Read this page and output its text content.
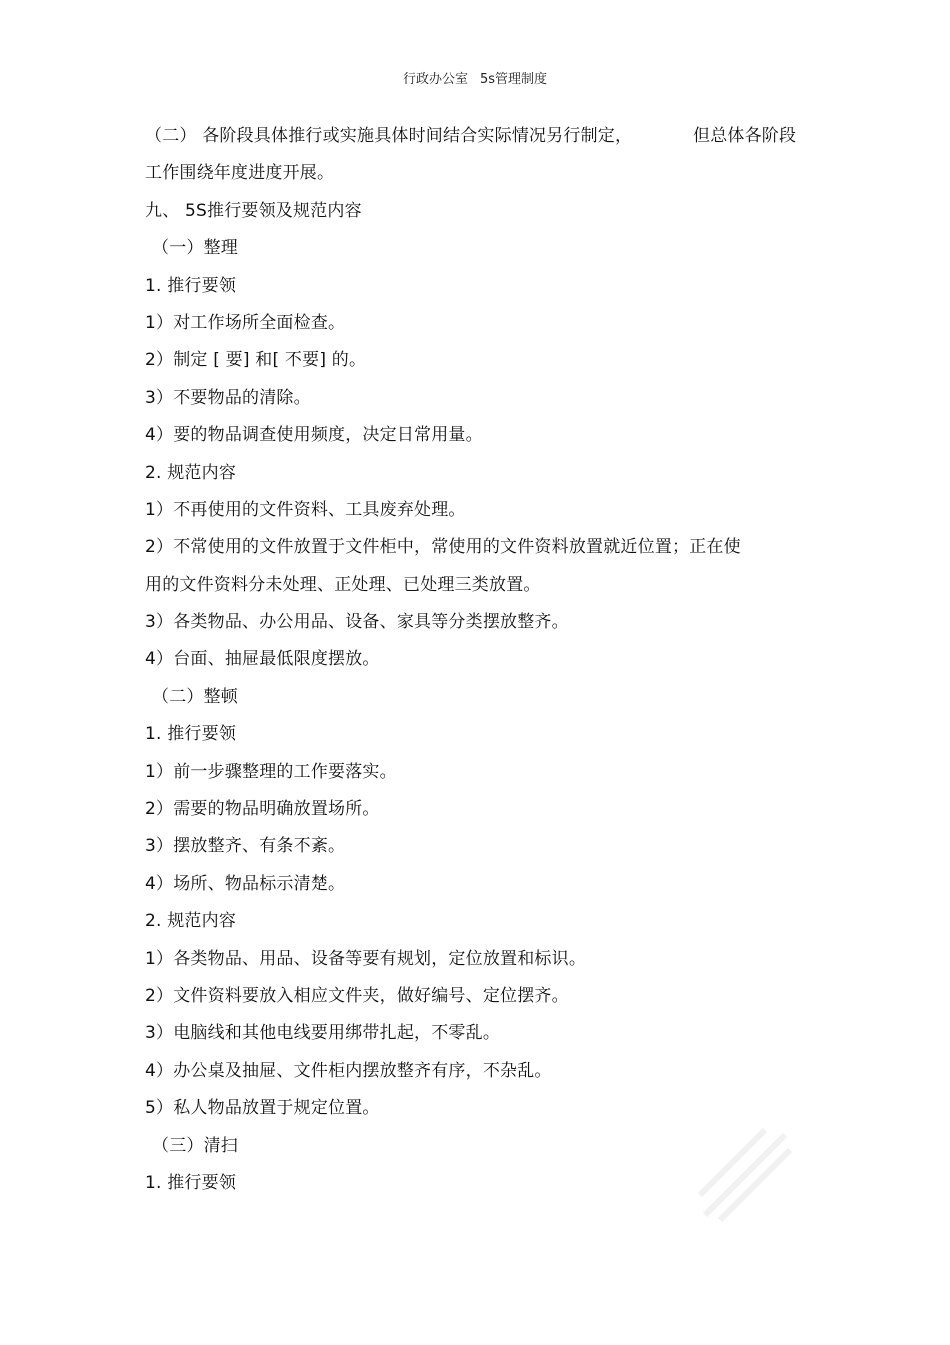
行政办公室 5s管理制度
（二） 各阶段具体推行或实施具体时间结合实际情况另行制定，	但总体各阶段
工作围绕年度进度开展。
九、 5S推行要领及规范内容
（一）整理
1. 推行要领
1）对工作场所全面检查。
2）制定 [ 要] 和[ 不要] 的。
3）不要物品的清除。
4）要的物品调查使用频度，决定日常用量。
2. 规范内容
1）不再使用的文件资料、工具废弃处理。
2）不常使用的文件放置于文件柜中，常使用的文件资料放置就近位置；正在使
用的文件资料分未处理、正处理、已处理三类放置。
3）各类物品、办公用品、设备、家具等分类摆放整齐。
4）台面、抽屉最低限度摆放。
（二）整顿
1. 推行要领
1）前一步骤整理的工作要落实。
2）需要的物品明确放置场所。
3）摆放整齐、有条不紊。
4）场所、物品标示清楚。
2. 规范内容
1）各类物品、用品、设备等要有规划，定位放置和标识。
2）文件资料要放入相应文件夹，做好编号、定位摆齐。
3）电脑线和其他电线要用绑带扎起，不零乱。
4）办公桌及抽屉、文件柜内摆放整齐有序，不杂乱。
5）私人物品放置于规定位置。
（三）清扫
1. 推行要领
